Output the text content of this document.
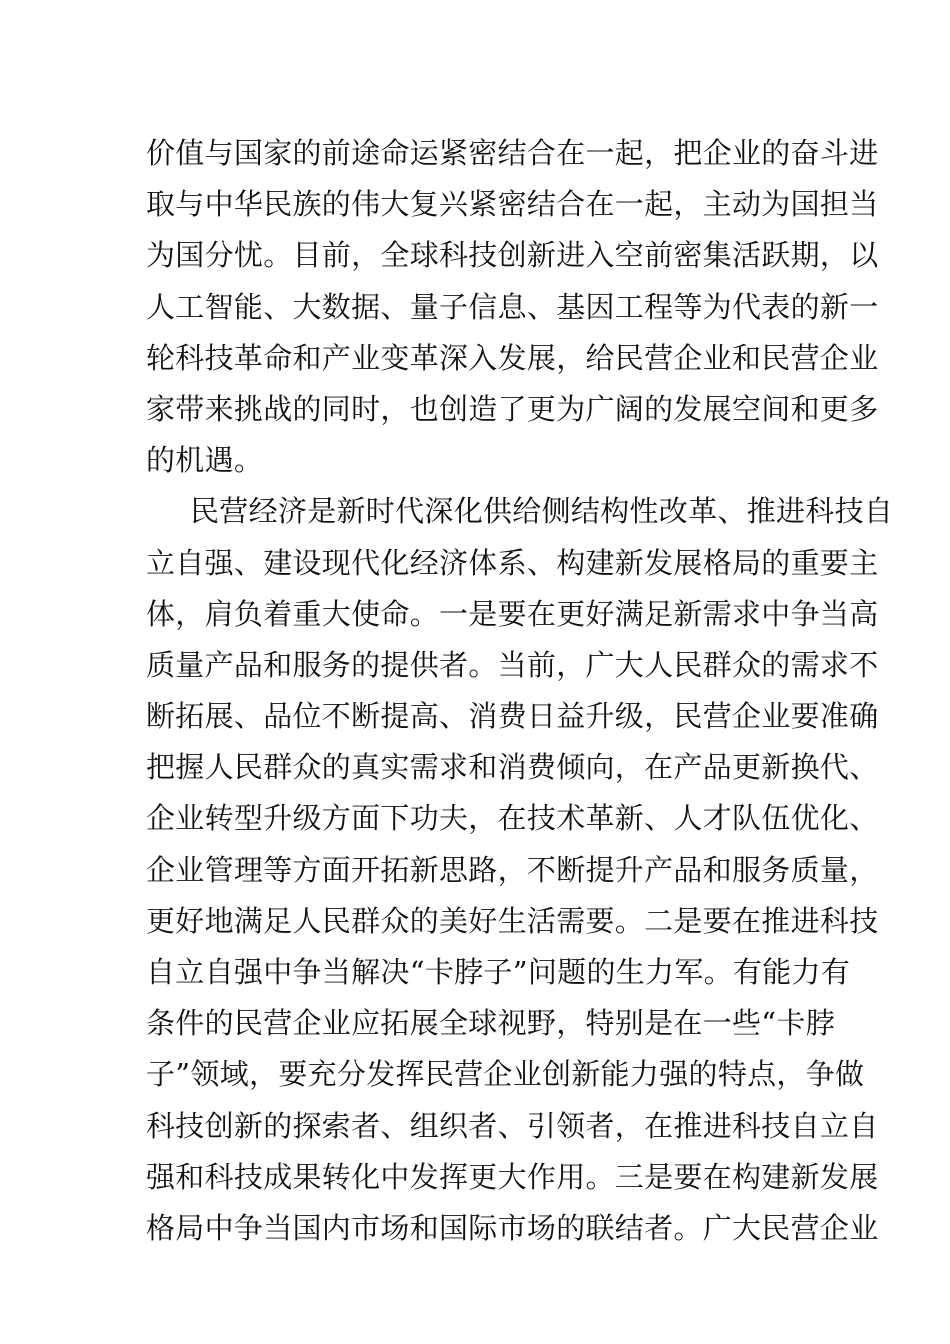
价值与国家的前途命运紧密结合在一起，把企业的奋斗进
取与中华民族的伟大复兴紧密结合在一起，主动为国担当
为国分忧。目前，全球科技创新进入空前密集活跃期，以
人工智能、大数据、量子信息、基因工程等为代表的新一
轮科技革命和产业变革深入发展，给民营企业和民营企业
家带来挑战的同时，也创造了更为广阔的发展空间和更多
的机遇。
民营经济是新时代深化供给侧结构性改革、推进科技自
立自强、建设现代化经济体系、构建新发展格局的重要主
体，肩负着重大使命。一是要在更好满足新需求中争当高
质量产品和服务的提供者。当前，广大人民群众的需求不
断拓展、品位不断提高、消费日益升级，民营企业要准确
把握人民群众的真实需求和消费倾向，在产品更新换代、
企业转型升级方面下功夫，在技术革新、人才队伍优化、
企业管理等方面开拓新思路，不断提升产品和服务质量，
更好地满足人民群众的美好生活需要。二是要在推进科技
自立自强中争当解决“卡脖子”问题的生力军。有能力有
条件的民营企业应拓展全球视野，特别是在一些“卡脖
子”领域，要充分发挥民营企业创新能力强的特点，争做
科技创新的探索者、组织者、引领者，在推进科技自立自
强和科技成果转化中发挥更大作用。三是要在构建新发展
格局中争当国内市场和国际市场的联结者。广大民营企业
